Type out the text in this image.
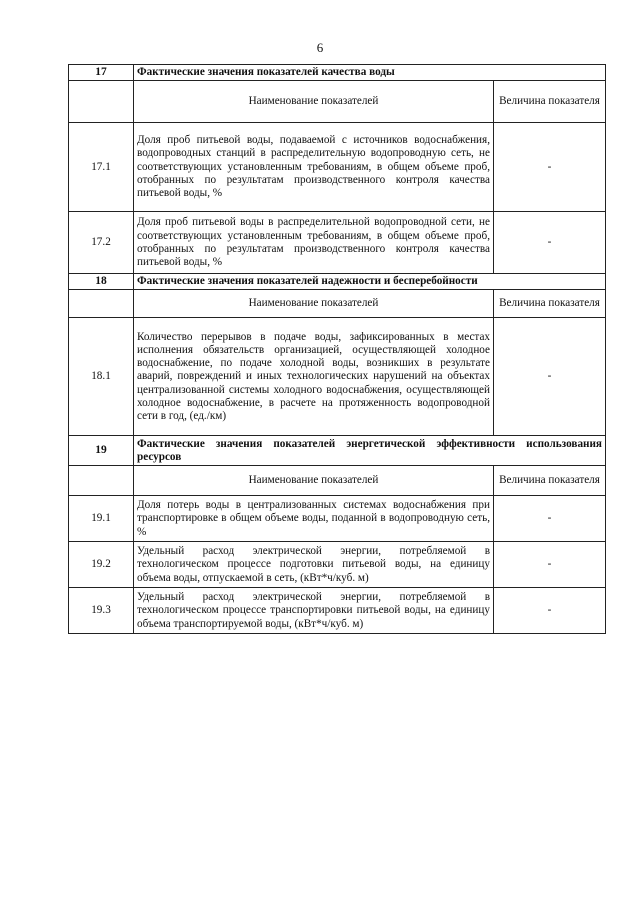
6
17	Фактические значения показателей качества воды	
	Наименование показателей	Величина показателя
17.1	Доля проб питьевой воды, подаваемой с источников водоснабжения, водопроводных станций в распределительную водопроводную сеть, не соответствующих установленным требованиям, в общем объеме проб, отобранных по результатам производственного контроля качества питьевой воды, %	-
17.2	Доля проб питьевой воды в распределительной водопроводной сети, не соответствующих установленным требованиям, в общем объеме проб, отобранных по результатам производственного контроля качества питьевой воды, %	-
18	Фактические значения показателей надежности и бесперебойности	
	Наименование показателей	Величина показателя
18.1	Количество перерывов в подаче воды, зафиксированных в местах исполнения обязательств организацией, осуществляющей холодное водоснабжение, по подаче холодной воды, возникших в результате аварий, повреждений и иных технологических нарушений на объектах централизованной системы холодного водоснабжения, осуществляющей холодное водоснабжение, в расчете на протяженность водопроводной сети в год, (ед./км)	-
19	Фактические значения показателей энергетической эффективности использования ресурсов	
	Наименование показателей	Величина показателя
19.1	Доля потерь воды в централизованных системах водоснабжения при транспортировке в общем объеме воды, поданной в водопроводную сеть, %	-
19.2	Удельный расход электрической энергии, потребляемой в технологическом процессе подготовки питьевой воды, на единицу объема воды, отпускаемой в сеть, (кВт*ч/куб. м)	-
19.3	Удельный расход электрической энергии, потребляемой в технологическом процессе транспортировки питьевой воды, на единицу объема транспортируемой воды, (кВт*ч/куб. м)	-
